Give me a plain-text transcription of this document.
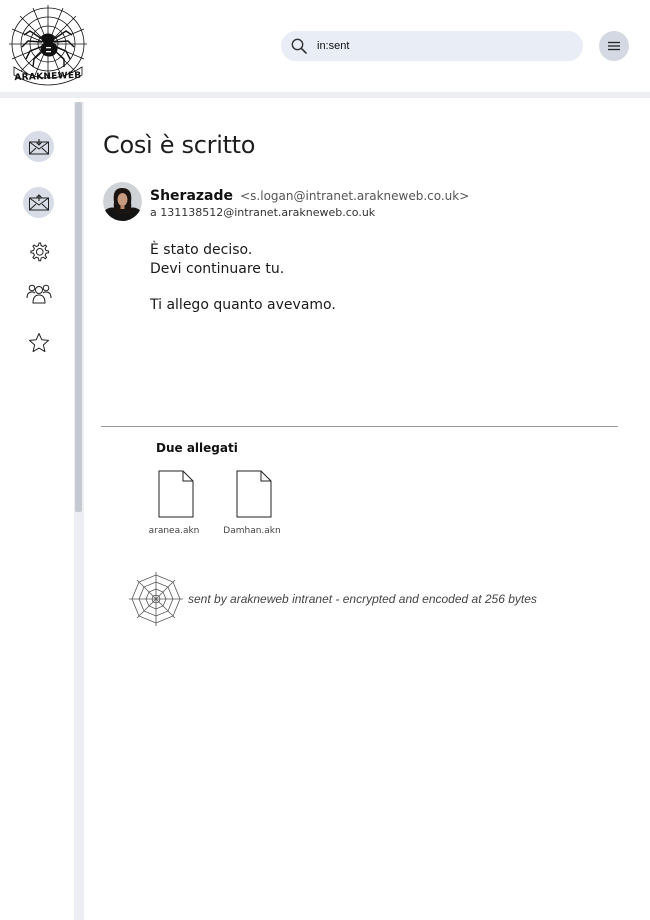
ARAKNEWEB
in:sent
Così è scritto
Sherazade <s.logan@intranet.arakneweb.co.uk>
a 131138512@intranet.arakneweb.co.uk

È stato deciso.

Devi continuare tu.

Ti allego quanto avevamo.

Due allegati
aranea.akn	Damhan.akn
sent by arakneweb intranet - encrypted and encoded at 256 bytes
